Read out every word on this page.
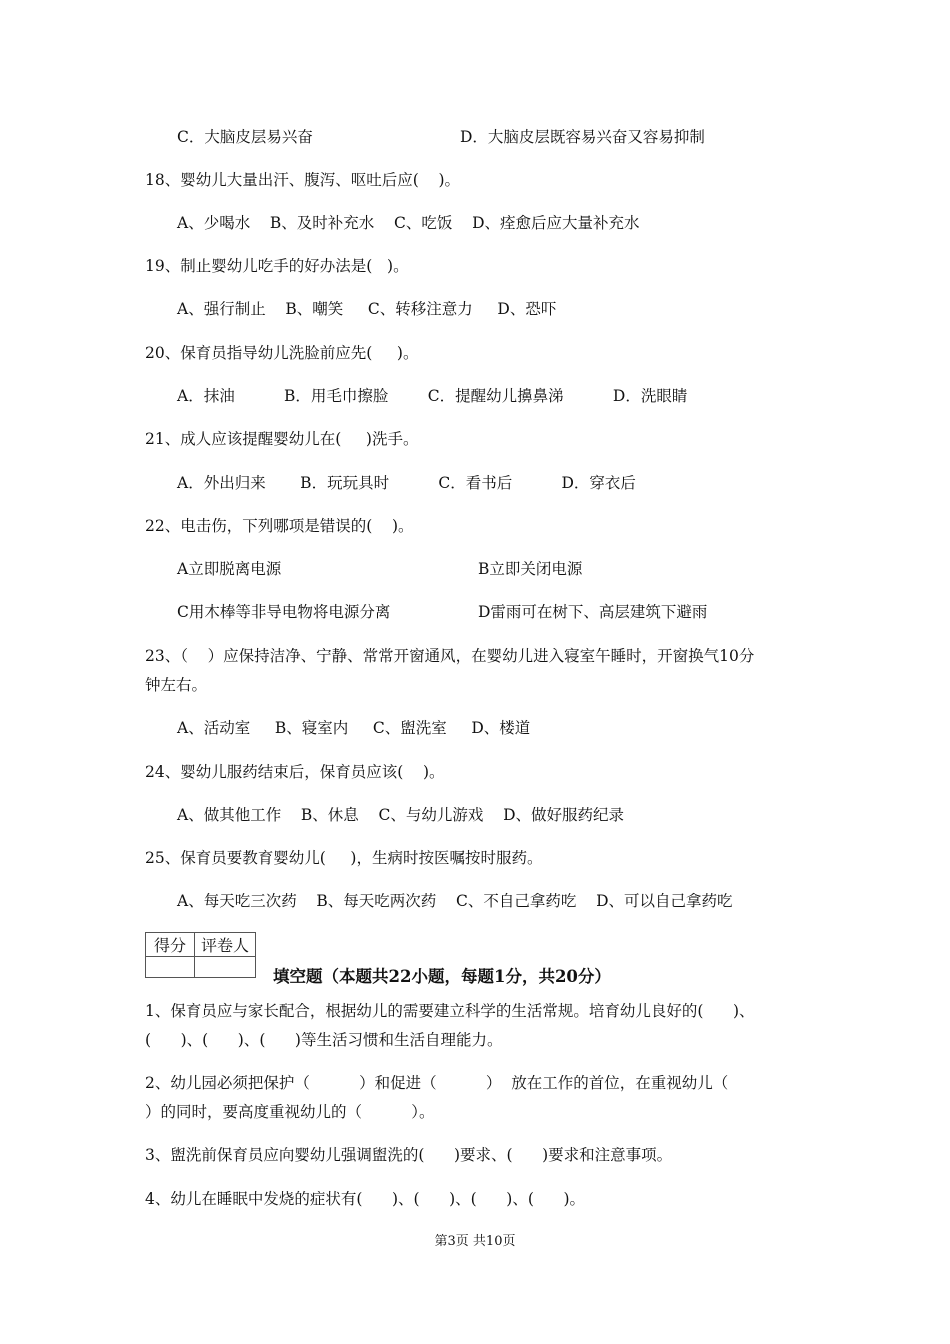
C．大脑皮层易兴奋	D．大脑皮层既容易兴奋又容易抑制
18、婴幼儿大量出汗、腹泻、呕吐后应(    )。
A、少喝水    B、及时补充水    C、吃饭    D、痊愈后应大量补充水
19、制止婴幼儿吃手的好办法是(   )。
A、强行制止    B、嘲笑     C、转移注意力     D、恐吓
20、保育员指导幼儿洗脸前应先(     )。
A．抹油          B．用毛巾擦脸        C．提醒幼儿擤鼻涕          D．洗眼睛
21、成人应该提醒婴幼儿在(     )洗手。
A．外出归来       B．玩玩具时          C．看书后          D．穿衣后
22、电击伤，下列哪项是错误的(    )。
A立即脱离电源	B立即关闭电源
C用木棒等非导电物将电源分离	D雷雨可在树下、高层建筑下避雨
23、（    ）应保持洁净、宁静、常常开窗通风，在婴幼儿进入寝室午睡时，开窗换气10分
钟左右。
A、活动室     B、寝室内     C、盥洗室     D、楼道
24、婴幼儿服药结束后，保育员应该(    )。
A、做其他工作    B、休息    C、与幼儿游戏    D、做好服药纪录
25、保育员要教育婴幼儿(     )，生病时按医嘱按时服药。
A、每天吃三次药    B、每天吃两次药    C、不自己拿药吃    D、可以自己拿药吃
1、保育员应与家长配合，根据幼儿的需要建立科学的生活常规。培育幼儿良好的(      )、
(      )、(      )、(      )等生活习惯和生活自理能力。
2、幼儿园必须把保护（          ）和促进（          ）  放在工作的首位，在重视幼儿（
）的同时，要高度重视幼儿的（          ）。
3、盥洗前保育员应向婴幼儿强调盥洗的(      )要求、(      )要求和注意事项。
4、幼儿在睡眠中发烧的症状有(      )、(      )、(      )、(      )。
得分	评卷人

填空题（本题共22小题，每题1分，共20分）
第3页 共10页
